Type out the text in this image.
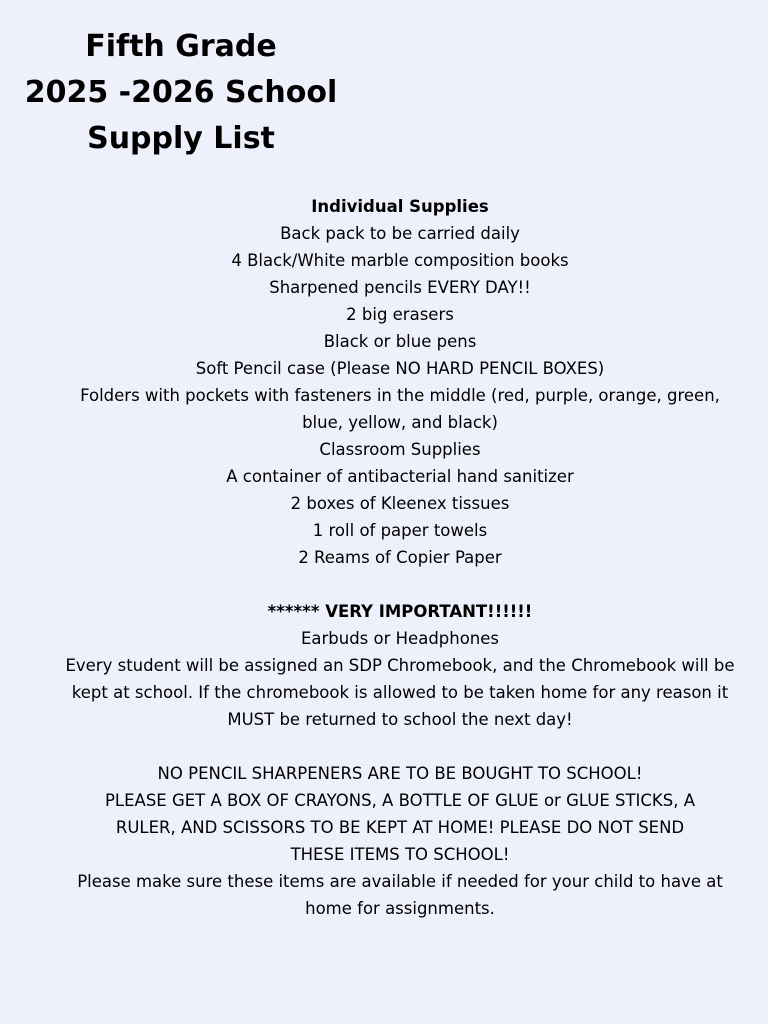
Fifth Grade
2025 -2026 School
Supply List
Individual Supplies
Back pack to be carried daily
4 Black/White marble composition books
Sharpened pencils EVERY DAY!!
2 big erasers
Black or blue pens
Soft Pencil case (Please NO HARD PENCIL BOXES)
Folders with pockets with fasteners in the middle (red, purple, orange, green,
blue, yellow, and black)
Classroom Supplies
A container of antibacterial hand sanitizer
2 boxes of Kleenex tissues
1 roll of paper towels
2 Reams of Copier Paper
****** VERY IMPORTANT!!!!!!
Earbuds or Headphones
Every student will be assigned an SDP Chromebook, and the Chromebook will be
kept at school. If the chromebook is allowed to be taken home for any reason it
MUST be returned to school the next day!
NO PENCIL SHARPENERS ARE TO BE BOUGHT TO SCHOOL!
PLEASE GET A BOX OF CRAYONS, A BOTTLE OF GLUE or GLUE STICKS, A
RULER, AND SCISSORS TO BE KEPT AT HOME! PLEASE DO NOT SEND
THESE ITEMS TO SCHOOL!
Please make sure these items are available if needed for your child to have at
home for assignments.
